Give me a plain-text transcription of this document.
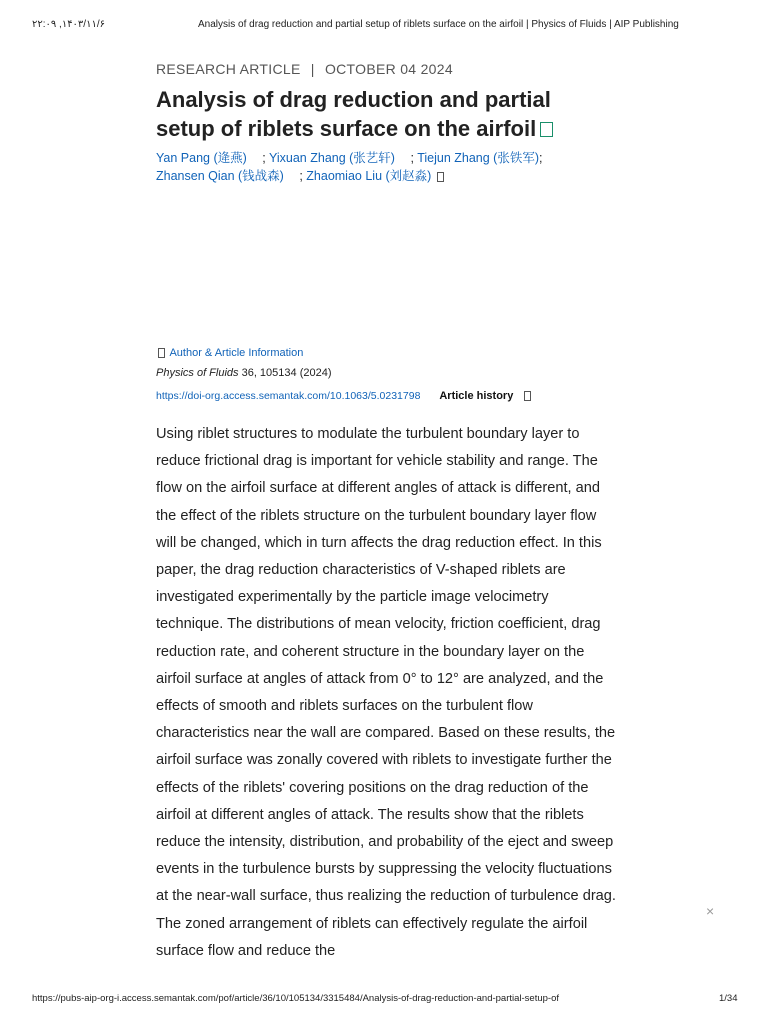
۲۲:۰۹ ,۱۴۰۳/۱۱/۶	Analysis of drag reduction and partial setup of riblets surface on the airfoil | Physics of Fluids | AIP Publishing
RESEARCH ARTICLE | OCTOBER 04 2024
Analysis of drag reduction and partial setup of riblets surface on the airfoil
Yan Pang (逄燕) ; Yixuan Zhang (张艺轩) ; Tiejun Zhang (张铁军);
Zhansen Qian (钱战森) ; Zhaomiao Liu (刘赵淼)
Author & Article Information
Physics of Fluids 36, 105134 (2024)
https://doi-org.access.semantak.com/10.1063/5.0231798 Article history

Using riblet structures to modulate the turbulent boundary layer to reduce frictional drag is important for vehicle stability and range. The flow on the airfoil surface at different angles of attack is different, and the effect of the riblets structure on the turbulent boundary layer flow will be changed, which in turn affects the drag reduction effect. In this paper, the drag reduction characteristics of V-shaped riblets are investigated experimentally by the particle image velocimetry technique. The distributions of mean velocity, friction coefficient, drag reduction rate, and coherent structure in the boundary layer on the airfoil surface at angles of attack from 0° to 12° are analyzed, and the effects of smooth and riblets surfaces on the turbulent flow characteristics near the wall are compared. Based on these results, the airfoil surface was zonally covered with riblets to investigate further the effects of the riblets' covering positions on the drag reduction of the airfoil at different angles of attack. The results show that the riblets reduce the intensity, distribution, and probability of the eject and sweep events in the turbulence bursts by suppressing the velocity fluctuations at the near-wall surface, thus realizing the reduction of turbulence drag. The zoned arrangement of riblets can effectively regulate the airfoil surface flow and reduce the

×
https://pubs-aip-org-i.access.semantak.com/pof/article/36/10/105134/3315484/Analysis-of-drag-reduction-and-partial-setup-of	1/34
